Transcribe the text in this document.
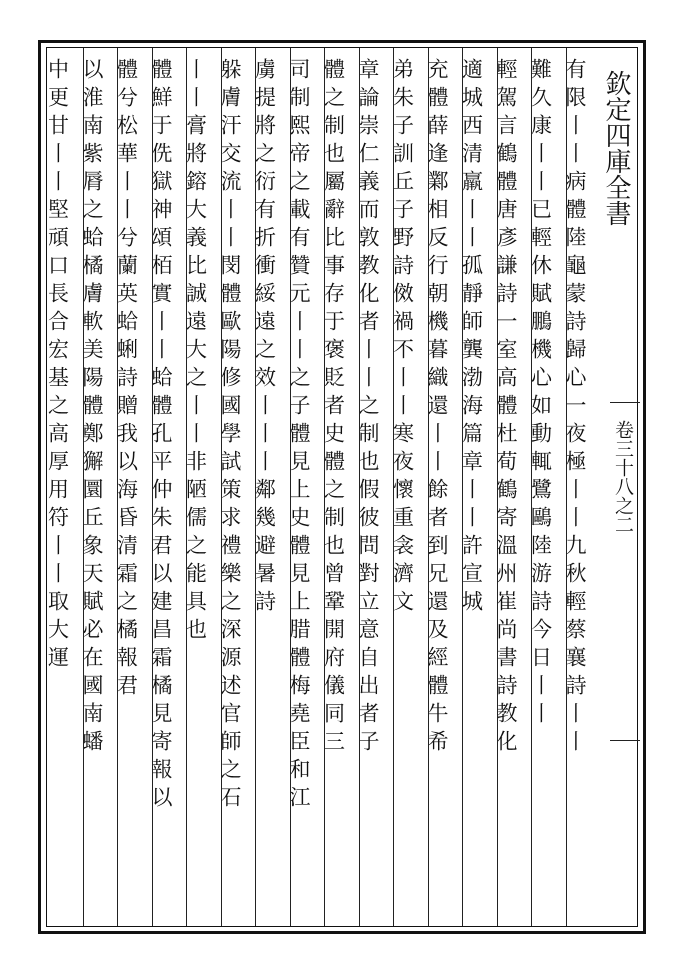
欽定四庫全書
卷三十八之二
有限丨丨病體陸龜蒙詩歸心一夜極丨丨九秋輕蔡襄詩丨丨
難久康丨丨已輕休賦鵬機心如動輒鷺鷗陸游詩今日丨丨
輕駕言鶴體唐彥謙詩一室高體杜荀鶴寄溫州崔尚書詩教化
適城西清羸丨丨孤靜師龔渤海篇章丨丨許宣城
充體薛逢鄴相反行朝機暮織還丨丨餘者到兄還及經體牛希
弟朱子訓丘子野詩傚禍不丨丨寒夜懷重衾濟文
章論崇仁義而敦教化者丨丨之制也假彼問對立意自出者子
體之制也屬辭比事存于褒貶者史體之制也曾鞏開府儀同三
司制熙帝之載有贊元丨丨之子體見上史體見上腊體梅堯臣和江
虜提將之衍有折衝綏遠之效丨丨丨鄰幾避暑詩
躲膚汗交流丨丨閔體歐陽修國學試策求禮樂之深源述官師之石
丨丨膏將鎔大義比誠遠大之丨丨非陋儒之能具也
體鮮于侁獄神頌栢實丨丨蛤體孔平仲朱君以建昌霜橘見寄報以
體兮松華丨丨兮蘭英蛤蜊詩贈我以海昏清霜之橘報君
以淮南紫脣之蛤橘膚軟美陽體鄭獬圜丘象天賦必在國南蟠
中更甘丨丨堅頑口長合宏基之高厚用符丨丨取大運
